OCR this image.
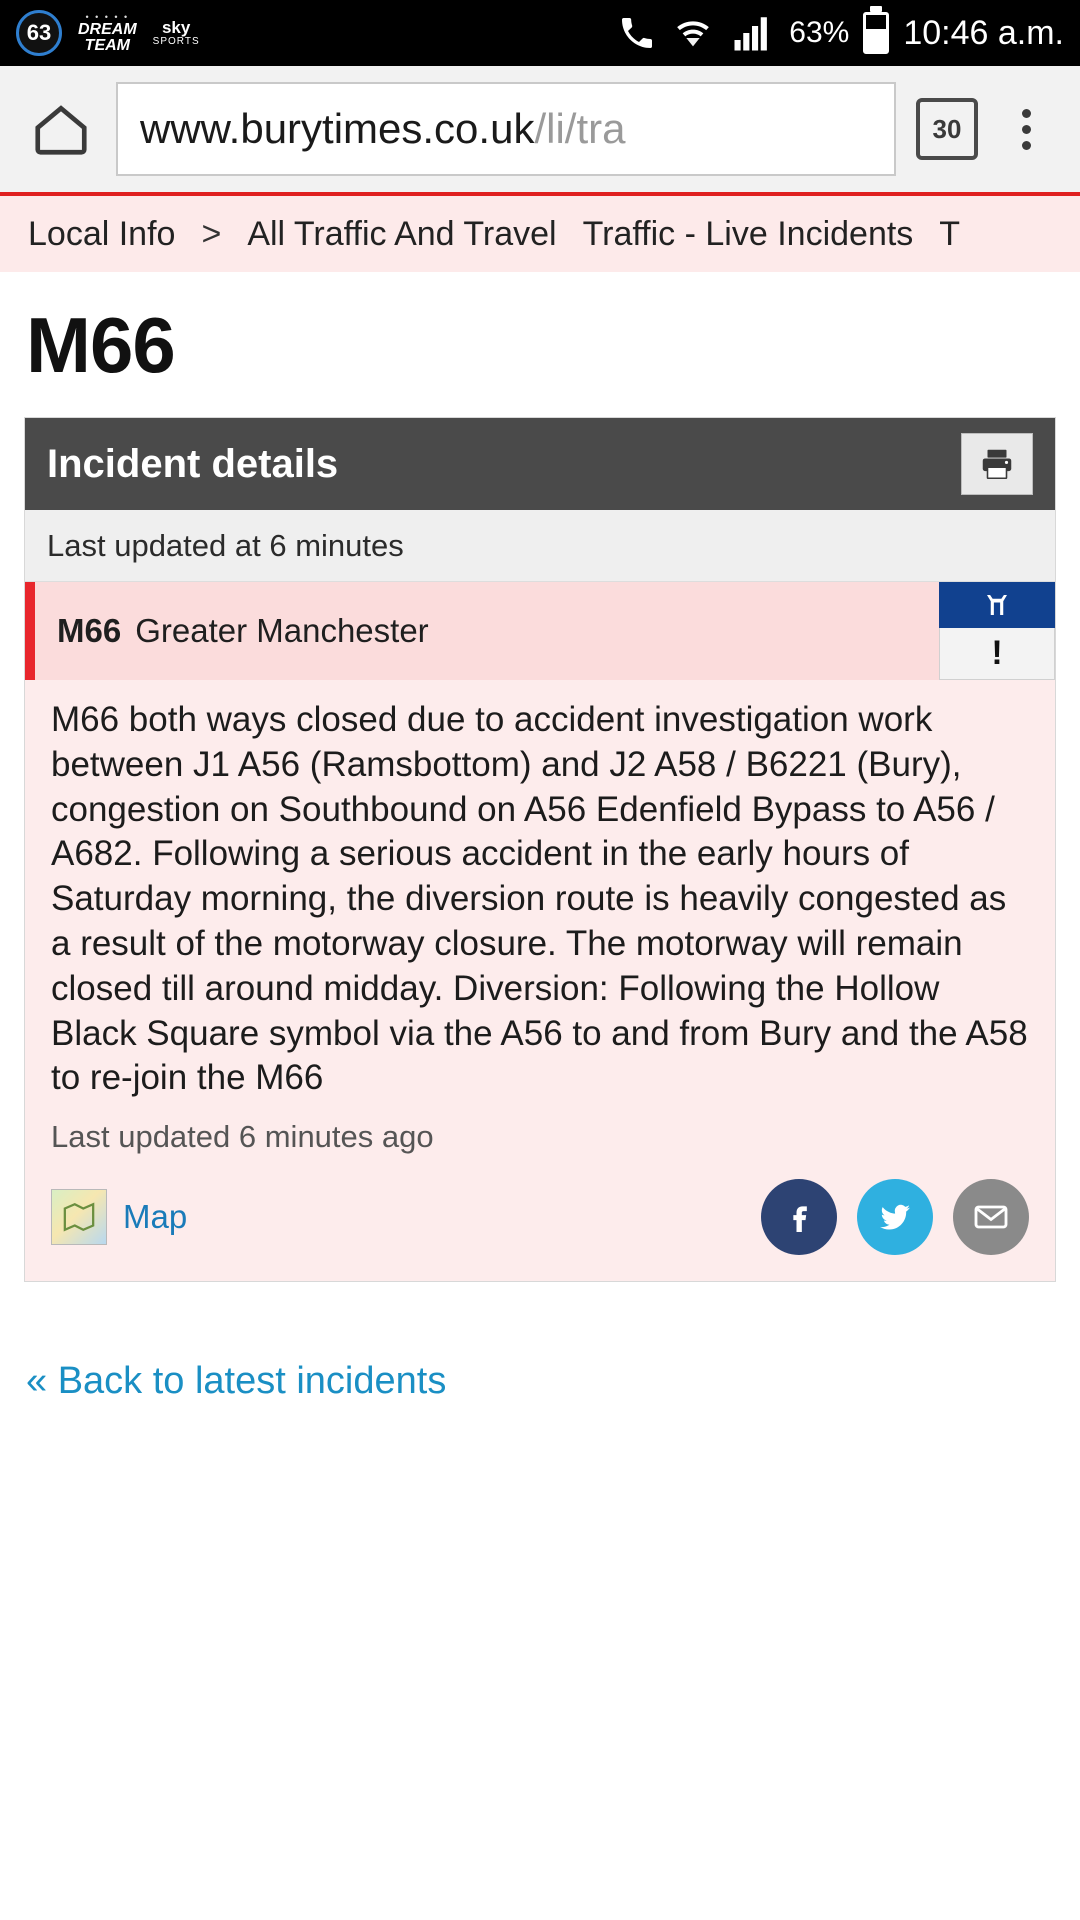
63
• • • • •
DREAM
TEAM
sky
SPORTS	63% 10:46 a.m.
www.burytimes.co.uk /li/tra	30
Local Info > All Traffic And Travel Traffic - Live Incidents T
M66
Incident details
Last updated at 6 minutes
M66 Greater Manchester
!
M66 both ways closed due to accident investigation work between J1 A56 (Ramsbottom) and J2 A58 / B6221 (Bury), congestion on Southbound on A56 Edenfield Bypass to A56 / A682. Following a serious accident in the early hours of Saturday morning, the diversion route is heavily congested as a result of the motorway closure. The motorway will remain closed till around midday. Diversion: Following the Hollow Black Square symbol via the A56 to and from Bury and the A58 to re-join the M66
Last updated 6 minutes ago
Map
« Back to latest incidents
